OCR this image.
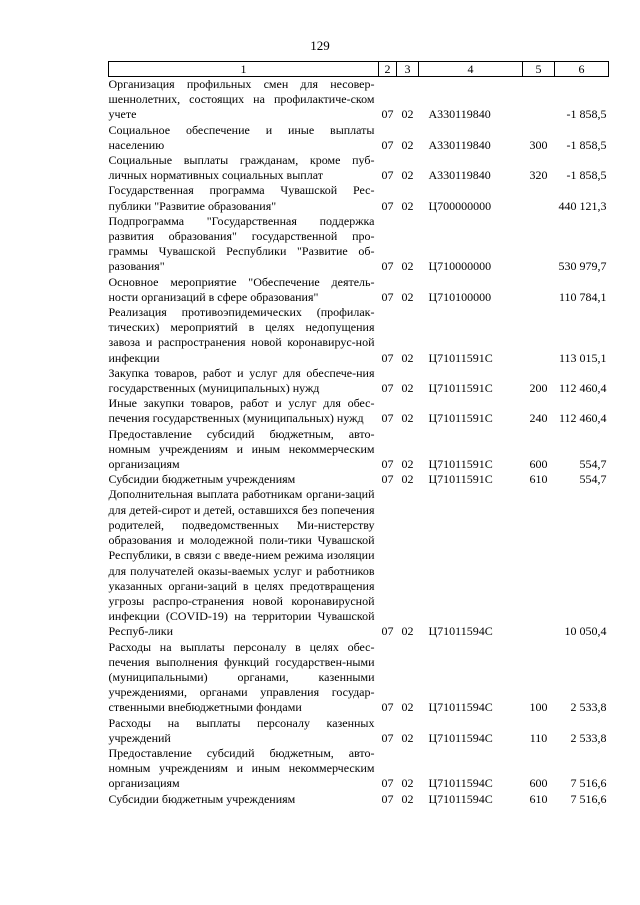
129
1	2	3	4	5	6
Организация профильных смен для несовер-шеннолетних, состоящих на профилактиче-ском учете	07	02	А330119840		-1 858,5
Социальное обеспечение и иные выплаты населению	07	02	А330119840	300	-1 858,5
Социальные выплаты гражданам, кроме пуб-личных нормативных социальных выплат	07	02	А330119840	320	-1 858,5
Государственная программа Чувашской Рес-публики "Развитие образования"	07	02	Ц700000000		440 121,3
Подпрограмма "Государственная поддержка развития образования" государственной про-граммы Чувашской Республики "Развитие об-разования"	07	02	Ц710000000		530 979,7
Основное мероприятие "Обеспечение деятель-ности организаций в сфере образования"	07	02	Ц710100000		110 784,1
Реализация противоэпидемических (профилак-тических) мероприятий в целях недопущения завоза и распространения новой коронавирус-ной инфекции	07	02	Ц71011591С		113 015,1
Закупка товаров, работ и услуг для обеспече-ния государственных (муниципальных) нужд	07	02	Ц71011591С	200	112 460,4
Иные закупки товаров, работ и услуг для обес-печения государственных (муниципальных) нужд	07	02	Ц71011591С	240	112 460,4
Предоставление субсидий бюджетным, авто-номным учреждениям и иным некоммерческим организациям	07	02	Ц71011591С	600	554,7
Субсидии бюджетным учреждениям	07	02	Ц71011591С	610	554,7
Дополнительная выплата работникам органи-заций для детей-сирот и детей, оставшихся без попечения родителей, подведомственных Ми-нистерству образования и молодежной поли-тики Чувашской Республики, в связи с введе-нием режима изоляции для получателей оказы-ваемых услуг и работников указанных органи-заций в целях предотвращения угрозы распро-странения новой коронавирусной инфекции (COVID-19) на территории Чувашской Респуб-лики	07	02	Ц71011594С		10 050,4
Расходы на выплаты персоналу в целях обес-печения выполнения функций государствен-ными (муниципальными) органами, казенными учреждениями, органами управления государ-ственными внебюджетными фондами	07	02	Ц71011594С	100	2 533,8
Расходы на выплаты персоналу казенных учреждений	07	02	Ц71011594С	110	2 533,8
Предоставление субсидий бюджетным, авто-номным учреждениям и иным некоммерческим организациям	07	02	Ц71011594С	600	7 516,6
Субсидии бюджетным учреждениям	07	02	Ц71011594С	610	7 516,6
